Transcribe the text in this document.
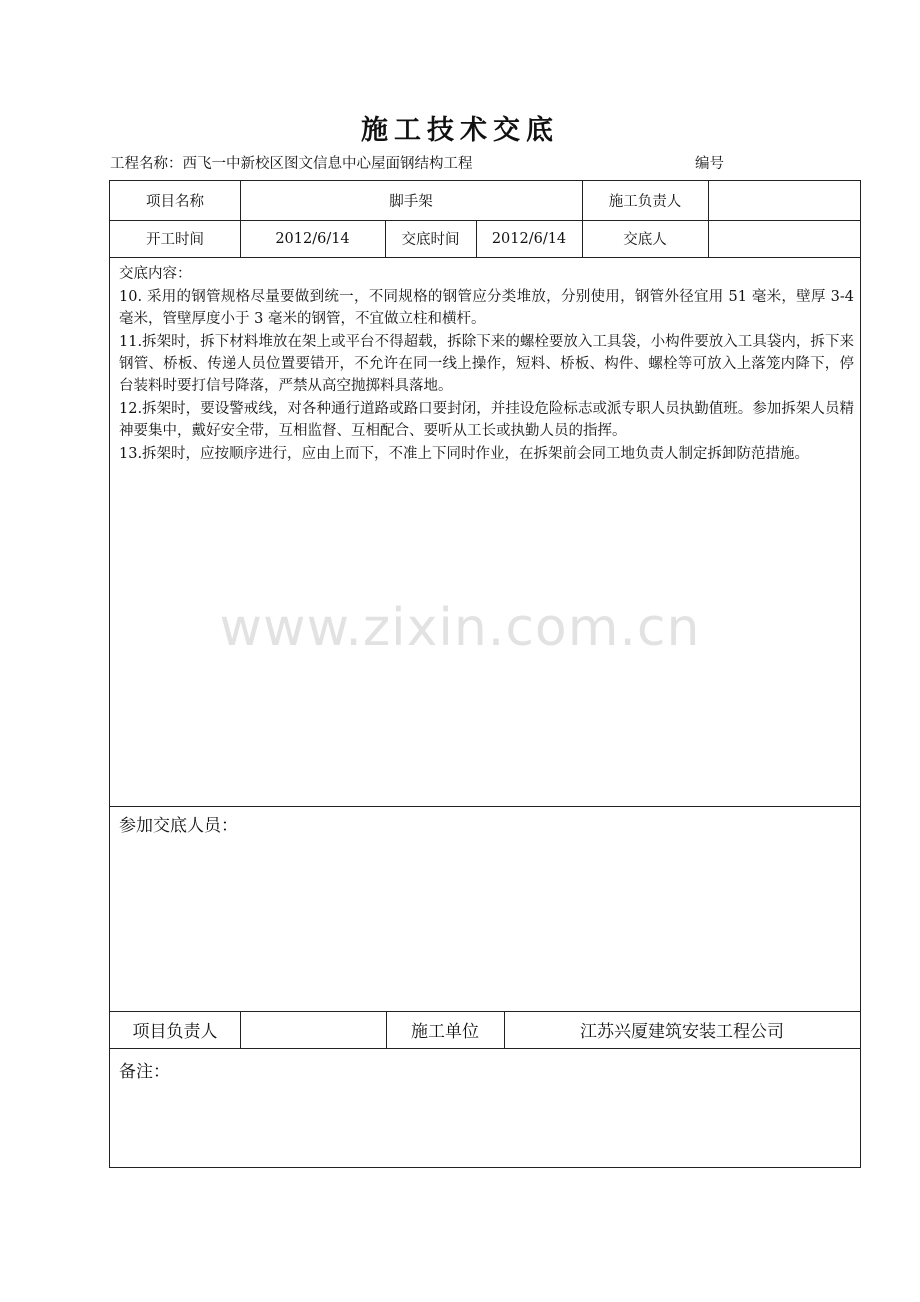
施工技术交底
工程名称：西飞一中新校区图文信息中心屋面钢结构工程	编号
项目名称	脚手架	施工负责人
开工时间	2012/6/14	交底时间	2012/6/14	交底人

交底内容：

10. 采用的钢管规格尽量要做到统一，不同规格的钢管应分类堆放，分别使用，钢管外径宜用 51 毫米，壁厚 3-4 毫米，管壁厚度小于 3 毫米的钢管，不宜做立柱和横杆。

11.拆架时，拆下材料堆放在架上或平台不得超载，拆除下来的螺栓要放入工具袋，小构件要放入工具袋内，拆下来钢管、桥板、传递人员位置要错开，不允许在同一线上操作，短料、桥板、构件、螺栓等可放入上落笼内降下，停台装料时要打信号降落，严禁从高空抛掷料具落地。

12.拆架时，要设警戒线，对各种通行道路或路口要封闭，并挂设危险标志或派专职人员执勤值班。参加拆架人员精神要集中，戴好安全带，互相监督、互相配合、要听从工长或执勤人员的指挥。

13.拆架时，应按顺序进行，应由上而下，不准上下同时作业，在拆架前会同工地负责人制定拆卸防范措施。

参加交底人员：
项目负责人	施工单位	江苏兴厦建筑安装工程公司
备注：
www.zixin.com.cn
